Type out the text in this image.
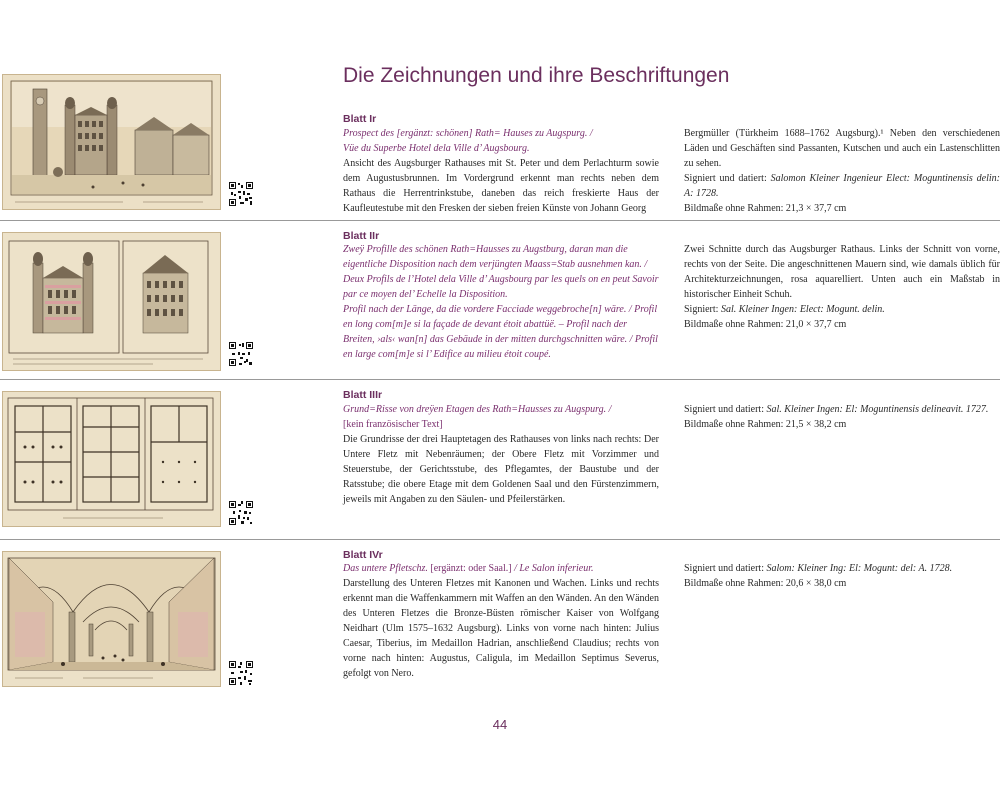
Die Zeichnungen und ihre Beschriftungen
Blatt Ir

Prospect des [ergänzt: schönen] Rath= Hauses zu Augspurg. /

Vüe du Superbe Hotel dela Ville d’ Augsbourg.

Ansicht des Augsburger Rathauses mit St. Peter und dem Perlachturm sowie dem Augustusbrunnen. Im Vordergrund erkennt man rechts neben dem Rathaus die Herrentrinkstube, daneben das reich freskierte Haus der Kaufleutestube mit den Fresken der sieben freien Künste von Johann Georg

Bergmüller (Türkheim 1688–1762 Augsburg).¹ Neben den verschiedenen Läden und Geschäften sind Passanten, Kutschen und auch ein Lastenschlitten zu sehen.

Signiert und datiert: Salomon Kleiner Ingenieur Elect: Moguntinensis delin: A: 1728.

Bildmaße ohne Rahmen: 21,3 × 37,7 cm

Blatt IIr

Zweÿ Profille des schönen Rath=Hausses zu Augstburg, daran man die eigentliche Disposition nach dem verjüngten Maass=Stab ausnehmen kan. / Deux Profils de l’Hotel dela Ville d’ Augsbourg par les quels on en peut Savoir par ce moyen del’ Echelle la Disposition.

Profil nach der Länge, da die vordere Facciade weggebroche[n] wäre. / Profil en long com[m]e si la façade de devant étoit abattüë. – Profil nach der Breiten, ›als‹ wan[n] das Gebäude in der mitten durchgschnitten wäre. / Profil en large com[m]e si l’ Edifice au milieu étoit coupé.

Zwei Schnitte durch das Augsburger Rathaus. Links der Schnitt von vorne, rechts von der Seite. Die angeschnittenen Mauern sind, wie damals üblich für Architekturzeichnungen, rosa aquarelliert. Unten auch ein Maßstab in historischer Einheit Schuh.

Signiert: Sal. Kleiner Ingen: Elect: Mogunt. delin.

Bildmaße ohne Rahmen: 21,0 × 37,7 cm

Blatt IIIr

Grund=Risse von dreÿen Etagen des Rath=Hausses zu Augspurg. /

[kein französischer Text]

Die Grundrisse der drei Hauptetagen des Rathauses von links nach rechts: Der Untere Fletz mit Nebenräumen; der Obere Fletz mit Vorzimmer und Steuerstube, der Gerichtsstube, des Pflegamtes, der Baustube und der Ratsstube; die obere Etage mit dem Goldenen Saal und den Fürstenzimmern, jeweils mit Angaben zu den Säulen- und Pfeilerstärken.

Signiert und datiert: Sal. Kleiner Ingen: El: Moguntinensis delineavit. 1727.

Bildmaße ohne Rahmen: 21,5 × 38,2 cm

Blatt IVr

Das untere Pfletschz. [ergänzt: oder Saal.] / Le Salon inferieur.

Darstellung des Unteren Fletzes mit Kanonen und Wachen. Links und rechts erkennt man die Waffenkammern mit Waffen an den Wänden. An den Wänden des Unteren Fletzes die Bronze-Büsten römischer Kaiser von Wolfgang Neidhart (Ulm 1575–1632 Augsburg). Links von vorne nach hinten: Julius Caesar, Tiberius, im Medaillon Hadrian, anschließend Claudius; rechts von vorne nach hinten: Augustus, Caligula, im Medaillon Septimus Severus, gefolgt von Nero.

Signiert und datiert: Salom: Kleiner Ing: El: Mogunt: del: A. 1728.

Bildmaße ohne Rahmen: 20,6 × 38,0 cm

44
